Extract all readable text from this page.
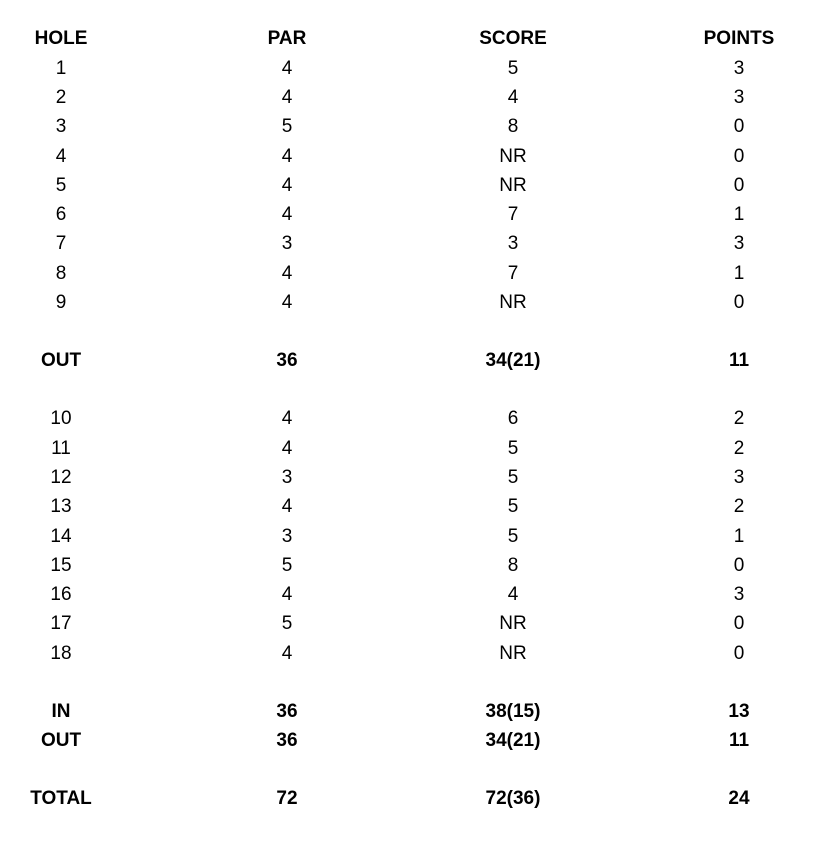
HOLE	PAR	SCORE	POINTS
1	4	5	3
2	4	4	3
3	5	8	0
4	4	NR	0
5	4	NR	0
6	4	7	1
7	3	3	3
8	4	7	1
9	4	NR	0
OUT	36	34(21)	11
10	4	6	2
11	4	5	2
12	3	5	3
13	4	5	2
14	3	5	1
15	5	8	0
16	4	4	3
17	5	NR	0
18	4	NR	0
IN	36	38(15)	13
OUT	36	34(21)	11
TOTAL	72	72(36)	24
